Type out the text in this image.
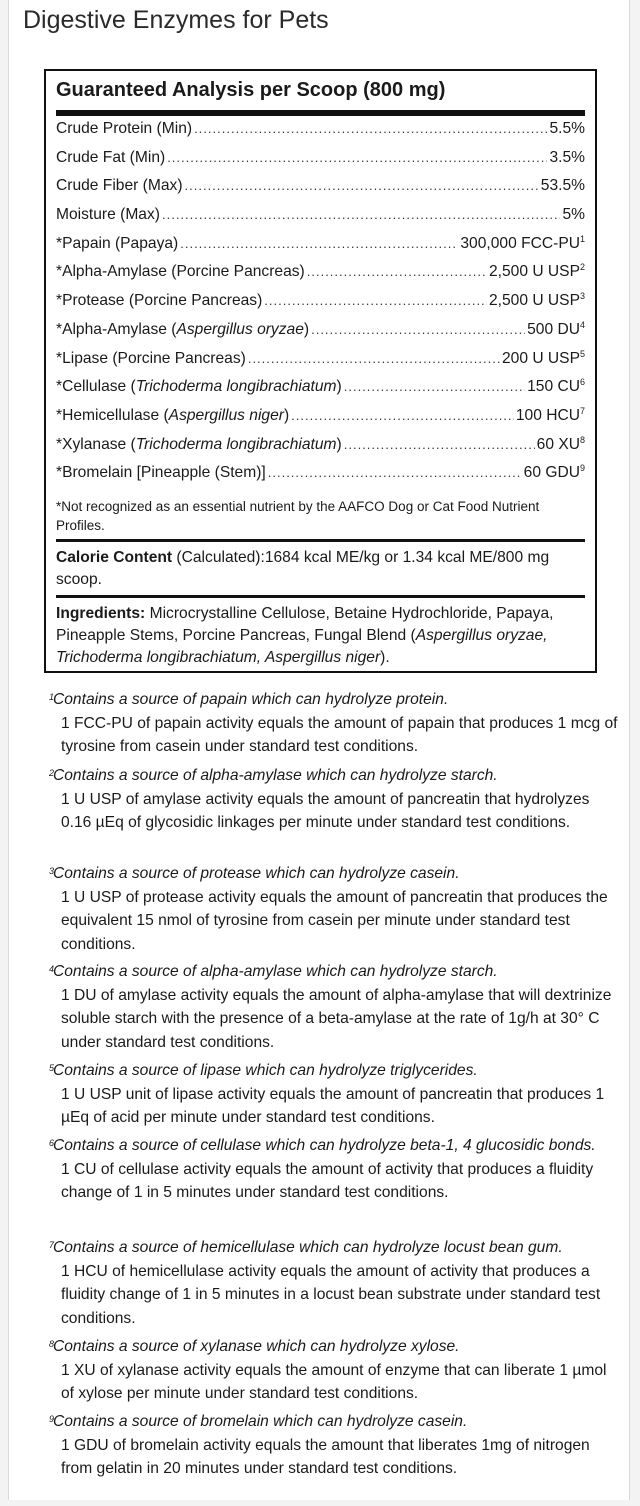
Digestive Enzymes for Pets
Guaranteed Analysis per Scoop (800 mg)
Crude Protein (Min) .....	5.5%
Crude Fat (Min) .....	3.5%
Crude Fiber (Max) .....	53.5%
Moisture (Max) .....	5%
*Papain (Papaya) .....	300,000 FCC-$PU^1$
*Alpha-Amylase (Porcine Pancreas) .....	2,500 U USP$^2$
*Protease (Porcine Pancreas) .....	2,500 U USP$^3$
*Alpha-Amylase (Aspergillus oryzae) .....	500 $DU^4$
*Lipase (Porcine Pancreas) .....	200 U USP$^5$
*Cellulase (Trichoderma longibrachiatum) .....	150 $CU^6$
*Hemicellulase (Aspergillus niger) .....	100 HCU$^7$
*Xylanase (Trichoderma longibrachiatum) .....	60 $XU^8$
*Bromelain [Pineapple (Stem)] .....	60 GDU$^9$
*Not recognized as an essential nutrient by the AAFCO Dog or Cat Food Nutrient Profiles.
Calorie Content (Calculated):1684 kcal ME/kg or 1.34 kcal ME/800 mg scoop.
Ingredients: Microcrystalline Cellulose, Betaine Hydrochloride, Papaya, Pineapple Stems, Porcine Pancreas, Fungal Blend (Aspergillus oryzae, Trichoderma longibrachiatum, Aspergillus niger).
1
Contains a source of papain which can hydrolyze protein.
1 FCC-PU of papain activity equals the amount of papain that produces 1 mcg of tyrosine from casein under standard test conditions.
2
Contains a source of alpha-amylase which can hydrolyze starch.
1 U USP of amylase activity equals the amount of pancreatin that hydrolyzes 0.16 µEq of glycosidic linkages per minute under standard test conditions.
3
Contains a source of protease which can hydrolyze casein.
1 U USP of protease activity equals the amount of pancreatin that produces the equivalent 15 nmol of tyrosine from casein per minute under standard test conditions.
4
Contains a source of alpha-amylase which can hydrolyze starch.
1 DU of amylase activity equals the amount of alpha-amylase that will dextrinize soluble starch with the presence of a beta-amylase at the rate of 1g/h at 30° C under standard test conditions.
5
Contains a source of lipase which can hydrolyze triglycerides.
1 U USP unit of lipase activity equals the amount of pancreatin that produces 1 µEq of acid per minute under standard test conditions.
6
Contains a source of cellulase which can hydrolyze beta-1, 4 glucosidic bonds.
1 CU of cellulase activity equals the amount of activity that produces a fluidity change of 1 in 5 minutes under standard test conditions.
7
Contains a source of hemicellulase which can hydrolyze locust bean gum.
1 HCU of hemicellulase activity equals the amount of activity that produces a fluidity change of 1 in 5 minutes in a locust bean substrate under standard test conditions.
8
Contains a source of xylanase which can hydrolyze xylose.
1 XU of xylanase activity equals the amount of enzyme that can liberate 1 µmol of xylose per minute under standard test conditions.
9
Contains a source of bromelain which can hydrolyze casein.
1 GDU of bromelain activity equals the amount that liberates 1mg of nitrogen from gelatin in 20 minutes under standard test conditions.
